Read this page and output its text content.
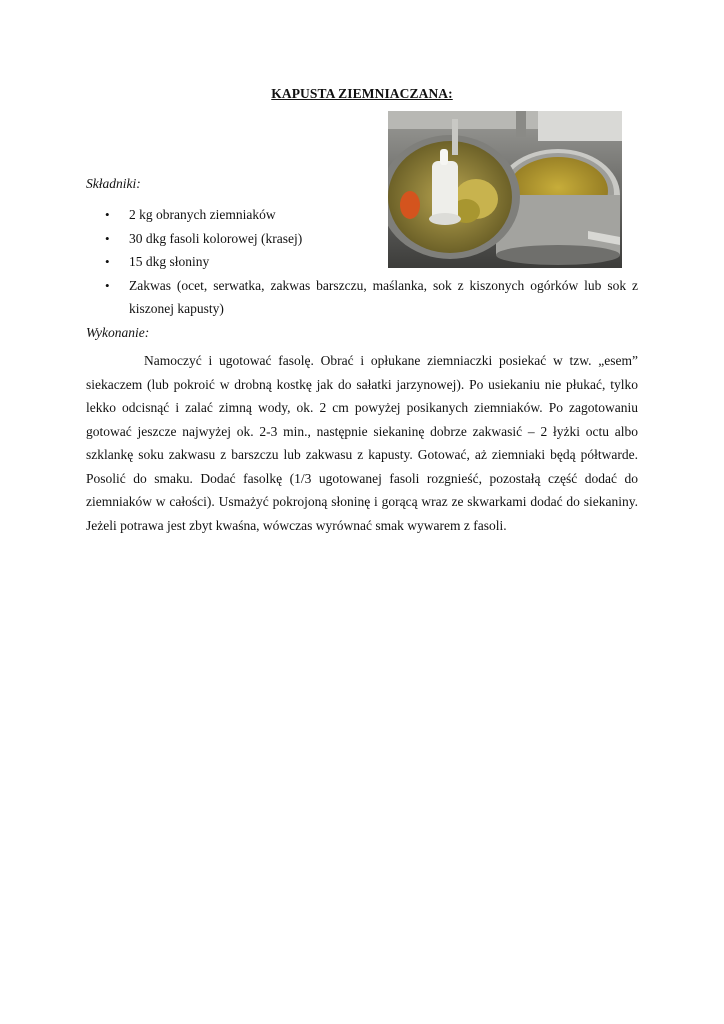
KAPUSTA ZIEMNIACZANA:
Składniki:
• 2 kg obranych ziemniaków
• 30 dkg fasoli kolorowej (krasej)
• 15 dkg słoniny
• Zakwas (ocet, serwatka, zakwas barszczu, maślanka, sok z kiszonych ogórków lub sok z kiszonej kapusty)
Wykonanie:

Namoczyć i ugotować fasolę. Obrać i opłukane ziemniaczki posiekać w tzw. „esem” siekaczem (lub pokroić w drobną kostkę jak do sałatki jarzynowej). Po usiekaniu nie płukać, tylko lekko odcisnąć i zalać zimną wody, ok. 2 cm powyżej posikanych ziemniaków. Po zagotowaniu gotować jeszcze najwyżej ok. 2-3 min., następnie siekaninę dobrze zakwasić – 2 łyżki octu albo szklankę soku zakwasu z barszczu lub zakwasu z kapusty. Gotować, aż ziemniaki będą półtwarde. Posolić do smaku. Dodać fasolkę (1/3 ugotowanej fasoli rozgnieść, pozostałą część dodać do ziemniaków w całości). Usmażyć pokrojoną słoninę i gorącą wraz ze skwarkami dodać do siekaniny. Jeżeli potrawa jest zbyt kwaśna, wówczas wyrównać smak wywarem z fasoli.
